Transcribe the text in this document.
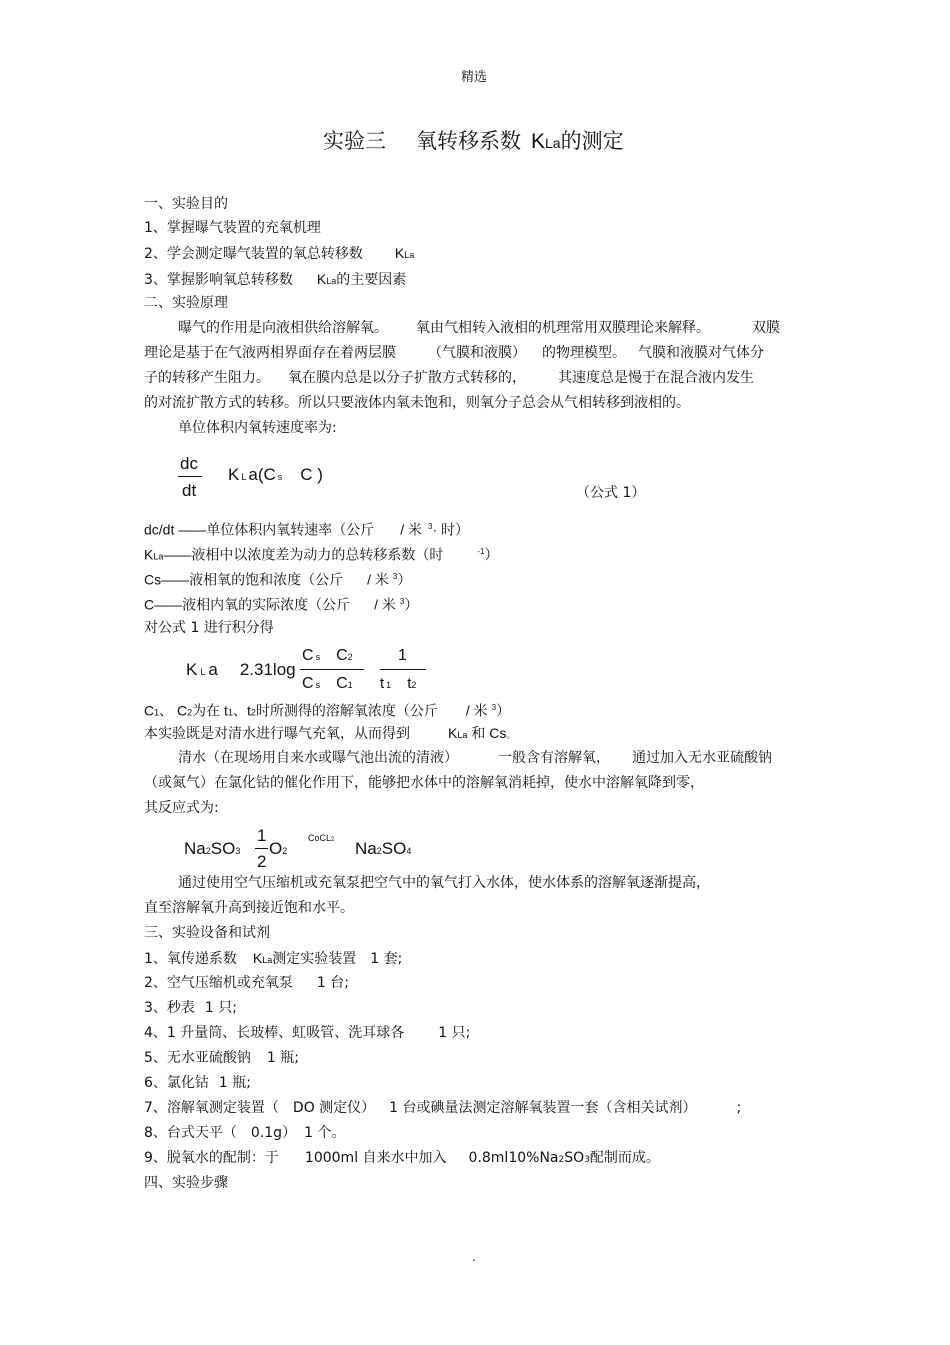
精选
实验三 氧转移系数 KLa的测定
一、实验目的
1、掌握曝气装置的充氧机理
2、学会测定曝气装置的氧总转移数 KLa
3、掌握影响氧总转移数 KLa的主要因素
二、实验原理
曝气的作用是向液相供给溶解氧。 氧由气相转入液相的机理常用双膜理论来解释。	双膜
理论是基于在气液两相界面存在着两层膜 （气膜和液膜） 的物理模型。 气膜和液膜对气体分
子的转移产生阻力。 氧在膜内总是以分子扩散方式转移的， 其速度总是慢于在混合液内发生
的对流扩散方式的转移。所以只要液体内氧未饱和，则氧分子总会从气相转移到液相的。
单位体积内氧转速度率为:
dc
dt
K L a(C s C )
（公式 1）
dc/dt ——单位体积内氧转速率（公斤 / 米 $^3$· 时）
KLa——液相中以浓度差为动力的总转移系数（时	$^{-1}$）
Cs——液相氧的饱和浓度（公斤 / 米 $^3$）
C——液相内氧的实际浓度（公斤 / 米 $^3$）
对公式 1 进行积分得
K L a 2.31log
Cs C2
Cs C1
1
t 1 t2
C1、 C2为在 t1、t2时所测得的溶解氧浓度（公斤 / 米 $^3$）
本实验既是对清水进行曝气充氧，从而得到	KLa 和 Cs。
清水（在现场用自来水或曝气池出流的清液）	一般含有溶解氧， 通过加入无水亚硫酸钠
（或氮气）在氯化钴的催化作用下，能够把水体中的溶解氧消耗掉，使水中溶解氧降到零，
其反应式为:
Na2SO3
1
2
O2
CoCL2 Na2SO4
通过使用空气压缩机或充氧泵把空气中的氧气打入水体，使水体系的溶解氧逐渐提高，
直至溶解氧升高到接近饱和水平。
三、实验设备和试剂
1、氧传递系数 KLa测定实验装置 1 套;
2、空气压缩机或充氧泵 1 台;
3、秒表 1 只;
4、1 升量筒、长玻棒、虹吸管、洗耳球各 1 只;
5、无水亚硫酸钠 1 瓶;
6、氯化钴 1 瓶;
7、溶解氧测定装置（ DO 测定仪） 1 台或碘量法测定溶解氧装置一套（含相关试剂）	;
8、台式天平（ 0.1g） 1 个。
9、脱氧水的配制：于 1000ml 自来水中加入 0.8ml10%Na2SO3配制而成。
四、实验步骤
.
